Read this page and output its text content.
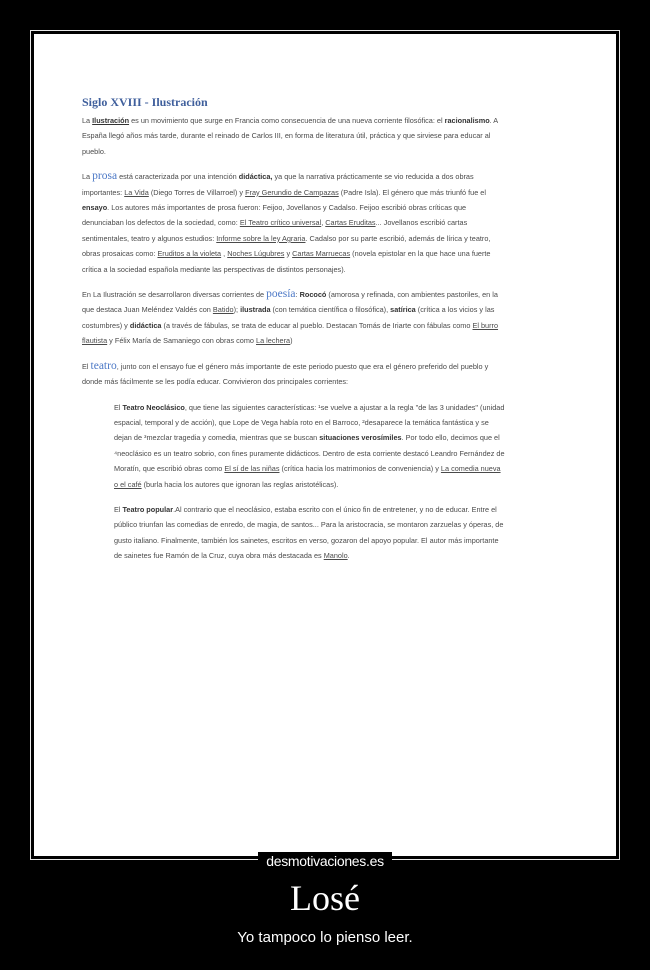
Siglo XVIII - Ilustración

La Ilustración es un movimiento que surge en Francia como consecuencia de una nueva corriente filosófica: el racionalismo. A España llegó años más tarde, durante el reinado de Carlos III, en forma de literatura útil, práctica y que sirviese para educar al pueblo.

La prosa está caracterizada por una intención didáctica, ya que la narrativa prácticamente se vio reducida a dos obras importantes: La Vida (Diego Torres de Villarroel) y Fray Gerundio de Campazas (Padre Isla). El género que más triunfó fue el ensayo. Los autores más importantes de prosa fueron: Feijoo, Jovellanos y Cadalso. Feijoo escribió obras críticas que denunciaban los defectos de la sociedad, como: El Teatro crítico universal, Cartas Eruditas... Jovellanos escribió cartas sentimentales, teatro y algunos estudios: Informe sobre la ley Agraria. Cadalso por su parte escribió, además de lírica y teatro, obras prosaicas como: Eruditos a la violeta , Noches Lúgubres y Cartas Marruecas (novela epistolar en la que hace una fuerte crítica a la sociedad española mediante las perspectivas de distintos personajes).

En La Ilustración se desarrollaron diversas corrientes de poesía: Rococó (amorosa y refinada, con ambientes pastoriles, en la que destaca Juan Meléndez Valdés con Batido); ilustrada (con temática científica o filosófica), satírica (crítica a los vicios y las costumbres) y didáctica (a través de fábulas, se trata de educar al pueblo. Destacan Tomás de Iriarte con fábulas como El burro flautista y Félix María de Samaniego con obras como La lechera)

El teatro, junto con el ensayo fue el género más importante de este periodo puesto que era el género preferido del pueblo y donde más fácilmente se les podía educar. Convivieron dos principales corrientes:

El Teatro Neoclásico, que tiene las siguientes características: ¹se vuelve a ajustar a la regla "de las 3 unidades" (unidad espacial, temporal y de acción), que Lope de Vega había roto en el Barroco, ²desaparece la temática fantástica y se dejan de ³mezclar tragedia y comedia, mientras que se buscan situaciones verosímiles. Por todo ello, decimos que el ⁴neoclásico es un teatro sobrio, con fines puramente didácticos. Dentro de esta corriente destacó Leandro Fernández de Moratín, que escribió obras como El sí de las niñas (crítica hacia los matrimonios de conveniencia) y La comedia nueva o el café (burla hacia los autores que ignoran las reglas aristotélicas).

El Teatro popular.Al contrario que el neoclásico, estaba escrito con el único fin de entretener, y no de educar. Entre el público triunfan las comedias de enredo, de magia, de santos... Para la aristocracia, se montaron zarzuelas y óperas, de gusto italiano. Finalmente, también los sainetes, escritos en verso, gozaron del apoyo popular. El autor más importante de sainetes fue Ramón de la Cruz, cuya obra más destacada es Manolo.

desmotivaciones.es
Losé
Yo tampoco lo pienso leer.
